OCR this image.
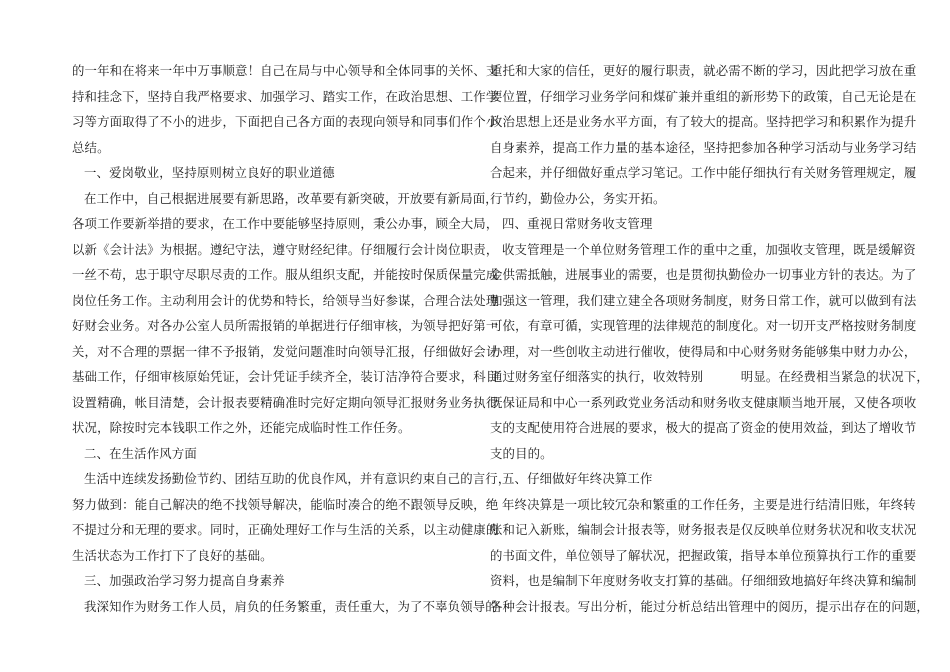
的一年和在将来一年中万事顺意！自己在局与中心领导和全体同事的关怀、支
持和挂念下，坚持自我严格要求、加强学习、踏实工作，在政治思想、工作学
习等方面取得了不小的进步，下面把自己各方面的表现向领导和同事们作个小
总结。
一、爱岗敬业，坚持原则树立良好的职业道德
在工作中，自己根据进展要有新思路，改革要有新突破，开放要有新局面，
各项工作要新举措的要求，在工作中要能够坚持原则，秉公办事，顾全大局，
以新《会计法》为根据。遵纪守法，遵守财经纪律。仔细履行会计岗位职责，
一丝不苟，忠于职守尽职尽责的工作。服从组织支配，并能按时保质保量完成
岗位任务工作。主动利用会计的优势和特长，给领导当好参谋，合理合法处理
好财会业务。对各办公室人员所需报销的单据进行仔细审核，为领导把好第一
关，对不合理的票据一律不予报销，发觉问题准时向领导汇报，仔细做好会计
基础工作，仔细审核原始凭证，会计凭证手续齐全，装订洁净符合要求，科目
设置精确，帐目清楚，会计报表要精确准时完好定期向领导汇报财务业务执行
状况，除按时完本钱职工作之外，还能完成临时性工作任务。
二、在生活作风方面
生活中连续发扬勤俭节约、团结互助的优良作风，并有意识约束自己的言行，
努力做到：能自己解决的绝不找领导解决，能临时凑合的绝不跟领导反映，绝
不提过分和无理的要求。同时，正确处理好工作与生活的关系，以主动健康的
生活状态为工作打下了良好的基础。
三、加强政治学习努力提高自身素养
我深知作为财务工作人员，肩负的任务繁重，责任重大，为了不辜负领导的
重托和大家的信任，更好的履行职责，就必需不断的学习，因此把学习放在重
要位置，仔细学习业务学问和煤矿兼并重组的新形势下的政策，自己无论是在
政治思想上还是业务水平方面，有了较大的提高。坚持把学习和积累作为提升
自身素养，提高工作力量的基本途径，坚持把参加各种学习活动与业务学习结
合起来，并仔细做好重点学习笔记。工作中能仔细执行有关财务管理规定，履
行节约，勤俭办公，务实开拓。
四、重视日常财务收支管理
收支管理是一个单位财务管理工作的重中之重，加强收支管理，既是缓解资
金供需抵触，进展事业的需要，也是贯彻执勤俭办一切事业方针的表达。为了
加强这一管理，我们建立建全各项财务制度，财务日常工作，就可以做到有法
可依，有章可循，实现管理的法律规范的制度化。对一切开支严格按财务制度
办理，对一些创收主动进行催收，使得局和中心财务财务能够集中财力办公，
通过财务室仔细落实的执行，收效特别　　　明显。在经费相当紧急的状况下，
既保证局和中心一系列政党业务活动和财务收支健康顺当地开展，又使各项收
支的支配使用符合进展的要求，极大的提高了资金的使用效益，到达了增收节
支的目的。
五、仔细做好年终决算工作
年终决算是一项比较冗杂和繁重的工作任务，主要是进行结清旧账，年终转
账和记入新账，编制会计报表等，财务报表是仅反映单位财务状况和收支状况
的书面文件，单位领导了解状况，把握政策，指导本单位预算执行工作的重要
资料，也是编制下年度财务收支打算的基础。仔细细致地搞好年终决算和编制
各种会计报表。写出分析，能过分析总结出管理中的阅历，提示出存在的问题，
